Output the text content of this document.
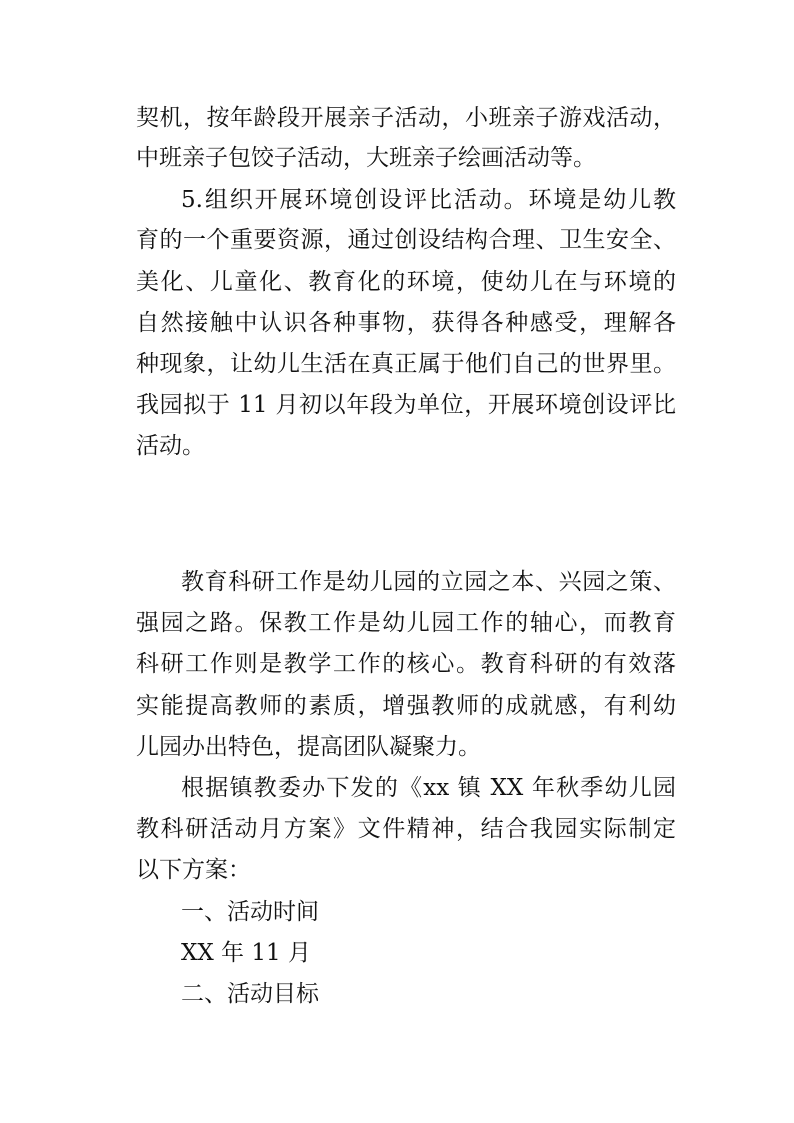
契机，按年龄段开展亲子活动，小班亲子游戏活动，
中班亲子包饺子活动，大班亲子绘画活动等。
5.组织开展环境创设评比活动。环境是幼儿教
育的一个重要资源，通过创设结构合理、卫生安全、
美化、儿童化、教育化的环境，使幼儿在与环境的
自然接触中认识各种事物，获得各种感受，理解各
种现象，让幼儿生活在真正属于他们自己的世界里。
我园拟于 11 月初以年段为单位，开展环境创设评比
活动。
教育科研工作是幼儿园的立园之本、兴园之策、
强园之路。保教工作是幼儿园工作的轴心，而教育
科研工作则是教学工作的核心。教育科研的有效落
实能提高教师的素质，增强教师的成就感，有利幼
儿园办出特色，提高团队凝聚力。
根据镇教委办下发的《xx 镇 XX 年秋季幼儿园
教科研活动月方案》文件精神，结合我园实际制定
以下方案：
一、活动时间
XX 年 11 月
二、活动目标
